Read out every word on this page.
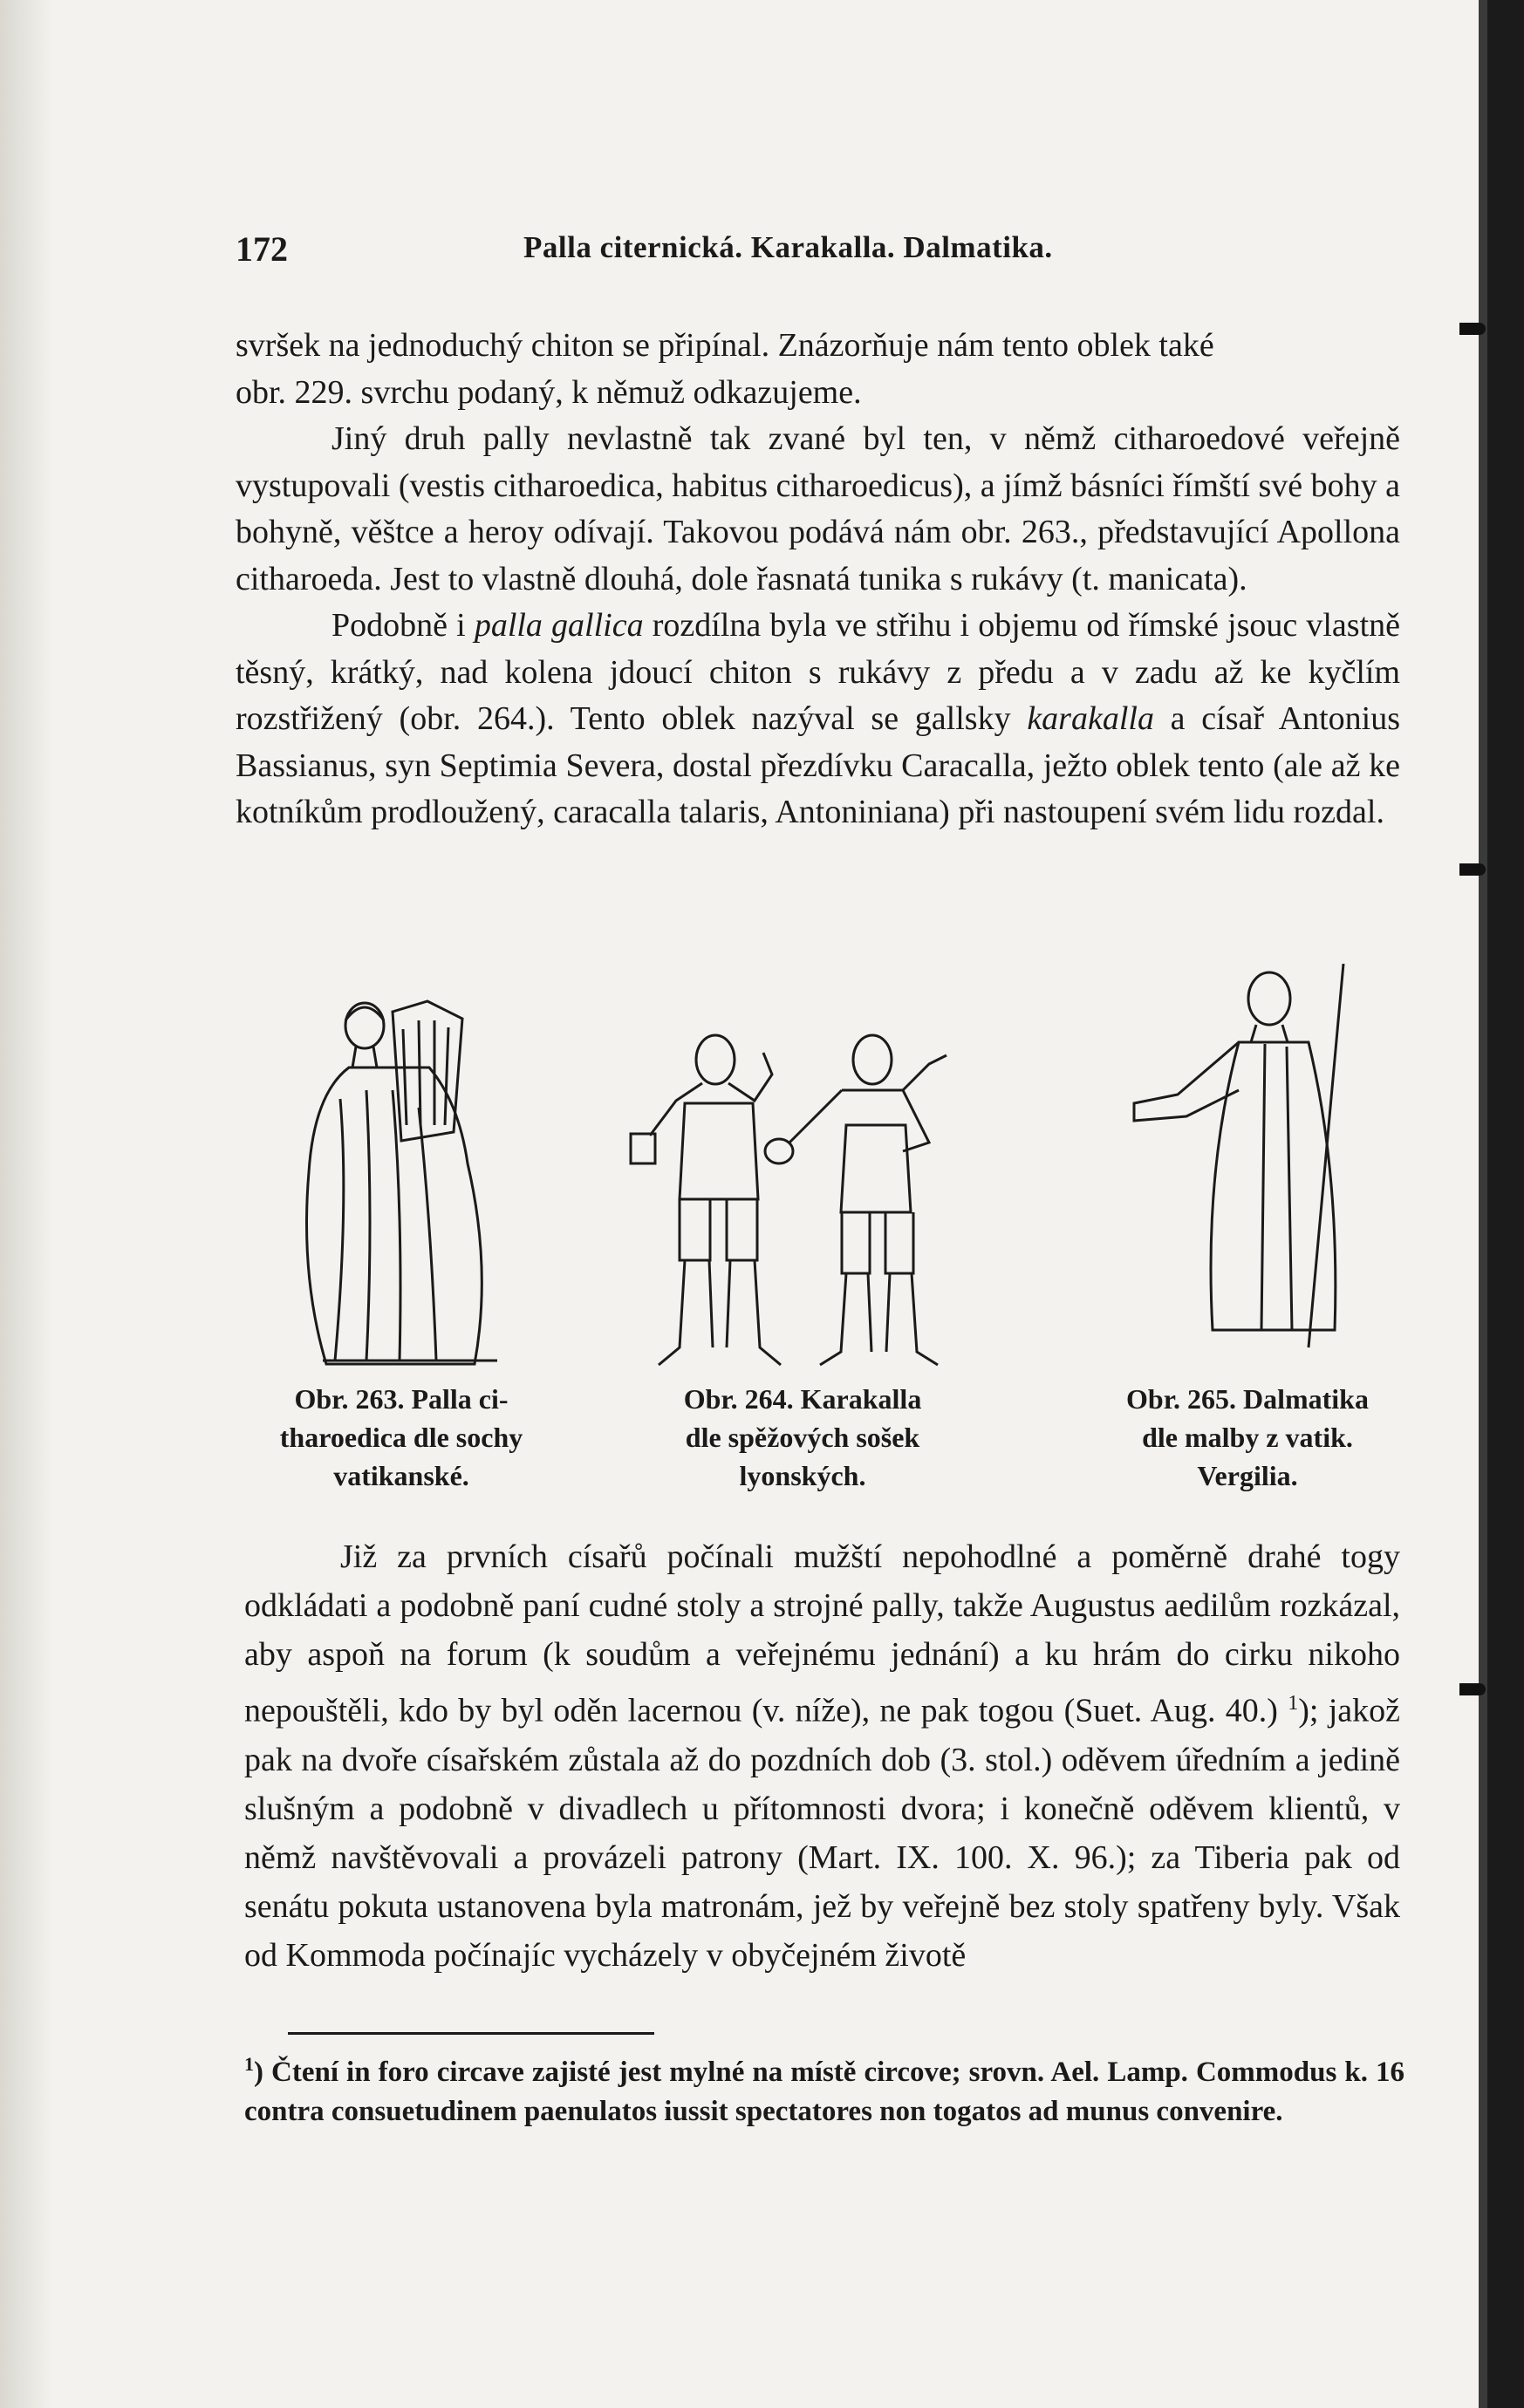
172	Palla citernická. Karakalla. Dalmatika.

svršek na jednoduchý chiton se připínal. Znázorňuje nám tento oblek také

obr. 229. svrchu podaný, k němuž odkazujeme.

Jiný druh pally nevlastně tak zvané byl ten, v němž citharoedové veřejně vystupovali (vestis citharoedica, habitus citharoedicus), a jímž básníci římští své bohy a bohyně, věštce a heroy odívají. Takovou podává nám obr. 263., představující Apollona citharoeda. Jest to vlastně dlouhá, dole řasnatá tunika s rukávy (t. manicata).

Podobně i palla gallica rozdílna byla ve střihu i objemu od římské jsouc vlastně těsný, krátký, nad kolena jdoucí chiton s rukávy z předu a v zadu až ke kyčlím rozstřižený (obr. 264.). Tento oblek nazýval se gallsky karakalla a císař Antonius Bassianus, syn Septimia Severa, dostal přezdívku Caracalla, ježto oblek tento (ale až ke kotníkům prodloužený, caracalla talaris, Antoniniana) při nastoupení svém lidu rozdal.

Obr. 263. Palla ci-
tharoedica dle sochy
vatikanské.
Obr. 264. Karakalla
dle spěžových sošek
lyonských.
Obr. 265. Dalmatika
dle malby z vatik.
Vergilia.

Již za prvních císařů počínali mužští nepohodlné a poměrně drahé togy odkládati a podobně paní cudné stoly a strojné pally, takže Augustus aedilům rozkázal, aby aspoň na forum (k soudům a veřejnému jednání) a ku hrám do cirku nikoho nepouštěli, kdo by byl oděn lacernou (v. níže), ne pak togou (Suet. Aug. 40.) $^1$); jakož pak na dvoře císařském zůstala až do pozdních dob (3. stol.) oděvem úředním a jedině slušným a podobně v divadlech u přítomnosti dvora; i konečně oděvem klientů, v němž navštěvovali a provázeli patrony (Mart. IX. 100. X. 96.); za Tiberia pak od senátu pokuta ustanovena byla matronám, jež by veřejně bez stoly spatřeny byly. Však od Kommoda počínajíc vycházely v obyčejném životě

$^1$) Čtení in foro circave zajisté jest mylné na místě circove; srovn. Ael. Lamp. Commodus k. 16 contra consuetudinem paenulatos iussit spectatores non togatos ad munus convenire.
